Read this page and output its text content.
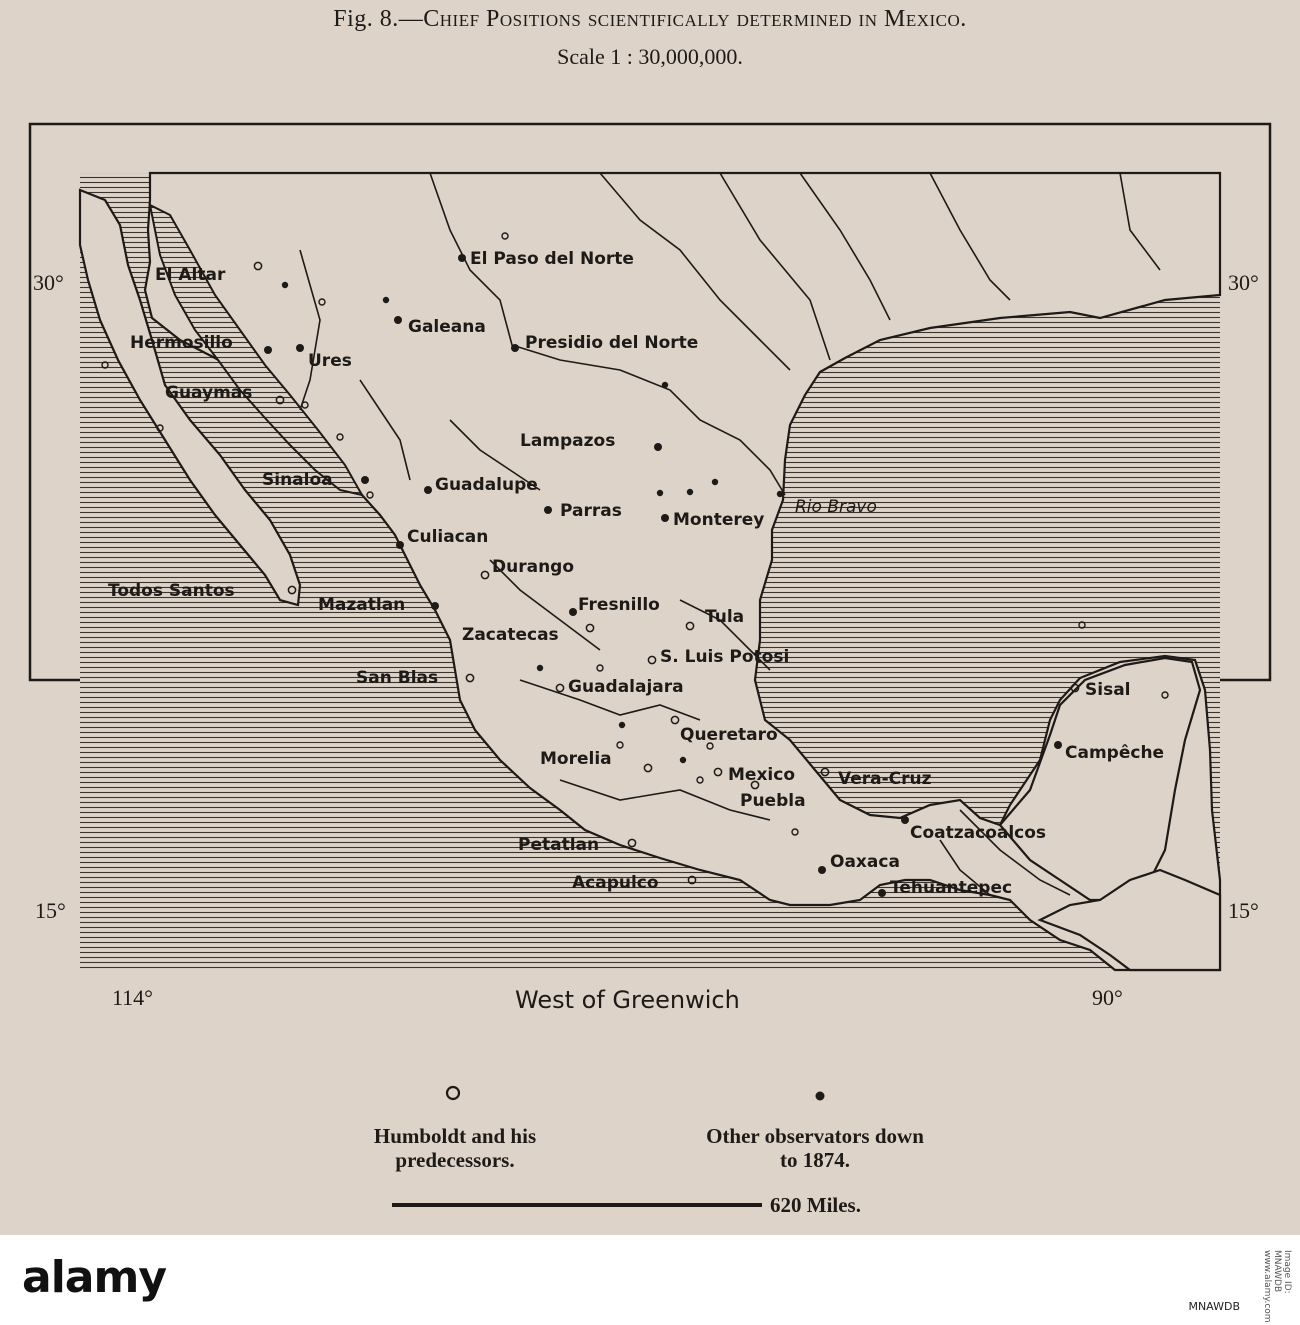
Fig. 8.—Chief Positions scientifically determined in Mexico.
Scale 1 : 30,000,000.
30°	30°
15°	15°
114°	90°
West of Greenwich
Rio Bravo
El Paso del Norte
El Altar
Galeana
Hermosillo
Ures
Presidio del Norte
Guaymas
Lampazos
Sinaloa	Guadalupe
Parras	Monterey
Culiacan
Durango
Todos Santos
Mazatlan	Fresnillo
Tula
Zacatecas
S. Luis Potosi
San Blas	Guadalajara	Sisal
Queretaro
Campêche
Morelia
Mexico	Vera-Cruz
Puebla
Coatzacoalcos
Petatlan
Oaxaca
Acapulco	Tehuantepec
Humboldt and his predecessors.
Other observators down to 1874.
620 Miles.
alamy
MNAWDB
Image ID: MNAWDB www.alamy.com
